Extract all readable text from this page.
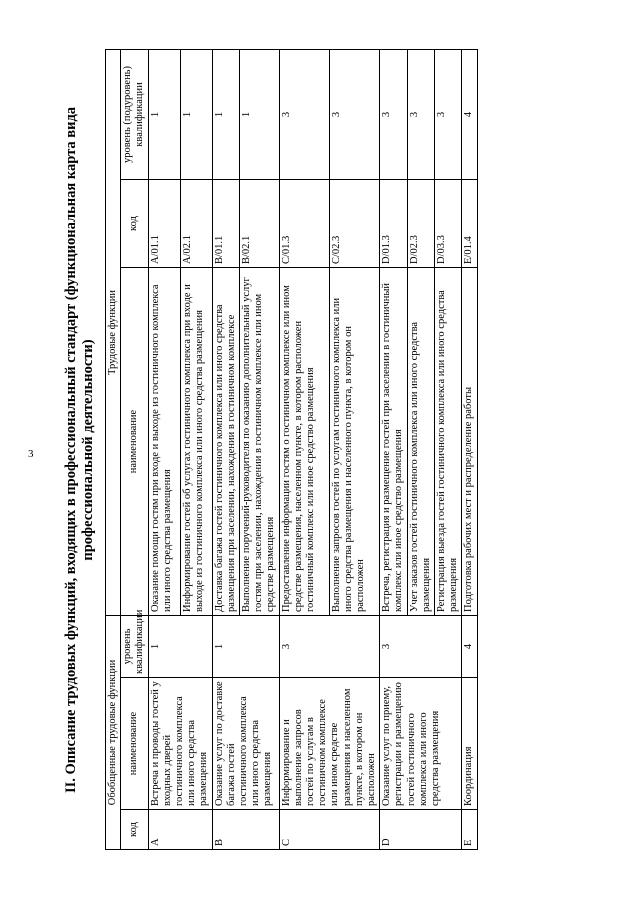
3 II. Описание трудовых функций, входящих в профессиональный стандарт (функциональная карта вида профессиональной деятельности)
Обобщенные трудовые функции			Трудовые функции		
код	наименование	уровень квалификации	наименование	код	уровень (подуровень) квалификации
A	Встреча и проводы гостей у входных дверей гостиничного комплекса или иного средства размещения	1	Оказание помощи гостям при входе и выходе из гостиничного комплекса или иного средства размещения	A/01.1	1
			Информирование гостей об услугах гостиничного комплекса при входе и выходе из гостиничного комплекса или иного средства размещения	A/02.1	1
B	Оказание услуг по доставке багажа гостей гостиничного комплекса или иного средства размещения	1	Доставка багажа гостей гостиничного комплекса или иного средства размещения при заселении, нахождении в гостиничном комплексе	B/01.1	1
			Выполнение поручений-руководителя по оказанию дополнительный услуг гостям при заселении, нахождении в гостиничном комплексе или ином средстве размещения	B/02.1	1
C	Информирование и выполнение запросов гостей по услугам в гостиничном комплексе или ином средстве размещения и населенном пункте, в котором он расположен	3	Предоставление информации гостям о гостиничном комплексе или ином средстве размещения, населенном пункте, в котором расположен гостиничный комплекс или иное средство размещения	C/01.3	3
			Выполнение запросов гостей по услугам гостиничного комплекса или иного средства размещения и населенного пункта, в котором он расположен	C/02.3	3
D	Оказание услуг по приему, регистрации и размещению гостей гостиничного комплекса или иного средства размещения	3	Встреча, регистрация и размещение гостей при заселении в гостиничный комплекс или иное средство размещения	D/01.3	3
			Учет заказов гостей гостиничного комплекса или иного средства размещения	D/02.3	3
			Регистрация выезда гостей гостиничного комплекса или иного средства размещения	D/03.3	3
E	Координация	4	Подготовка рабочих мест и распределение работы	E/01.4	4
